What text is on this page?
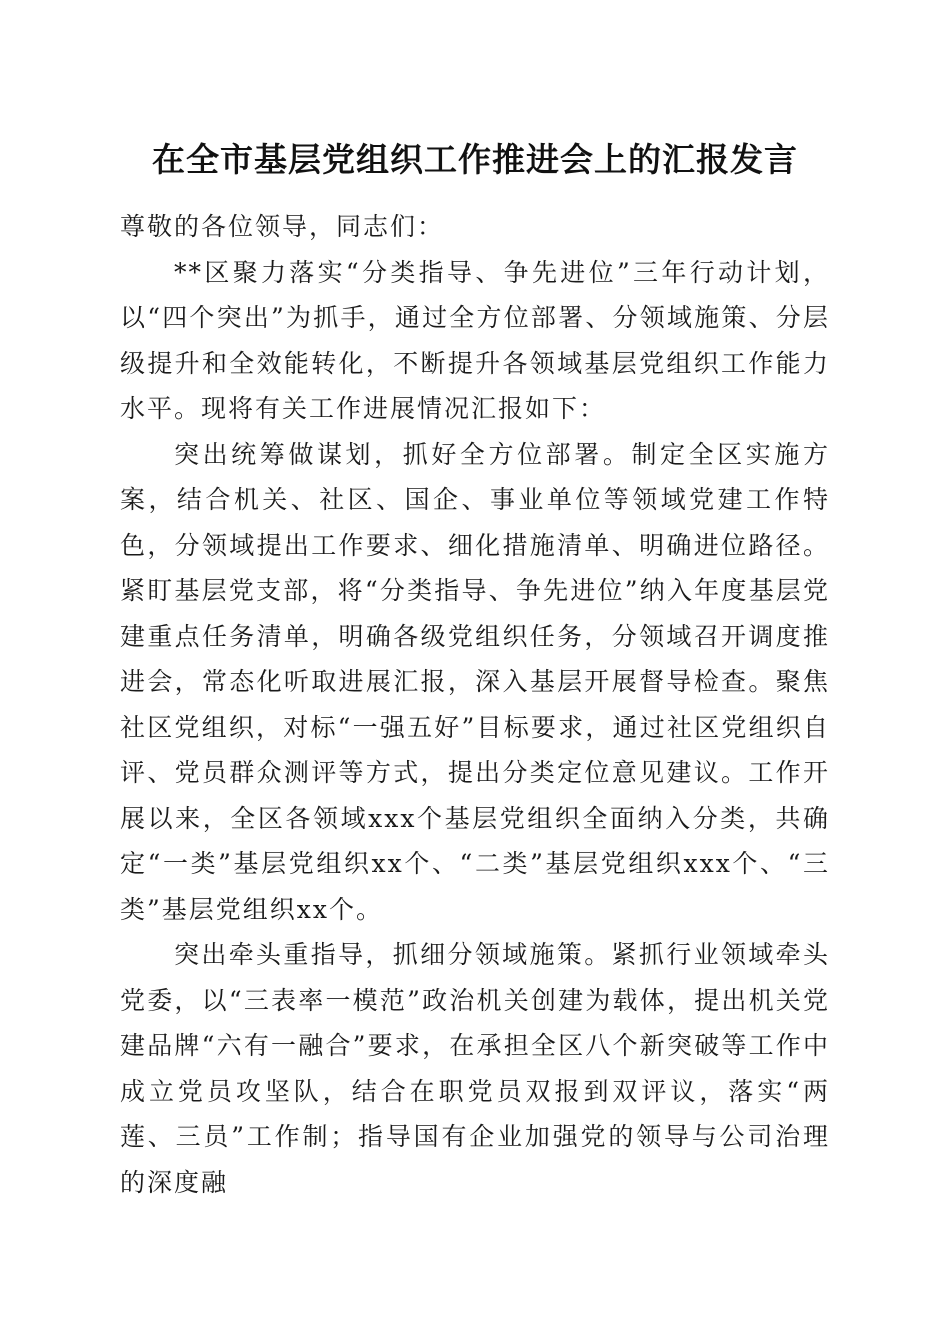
在全市基层党组织工作推进会上的汇报发言

尊敬的各位领导，同志们：

**区聚力落实“分类指导、争先进位”三年行动计划，以“四个突出”为抓手，通过全方位部署、分领域施策、分层级提升和全效能转化，不断提升各领域基层党组织工作能力水平。现将有关工作进展情况汇报如下：

突出统筹做谋划，抓好全方位部署。制定全区实施方案，结合机关、社区、国企、事业单位等领域党建工作特色，分领域提出工作要求、细化措施清单、明确进位路径。紧盯基层党支部，将“分类指导、争先进位”纳入年度基层党建重点任务清单，明确各级党组织任务，分领域召开调度推进会，常态化听取进展汇报，深入基层开展督导检查。聚焦社区党组织，对标“一强五好”目标要求，通过社区党组织自评、党员群众测评等方式，提出分类定位意见建议。工作开展以来，全区各领域xxx个基层党组织全面纳入分类，共确定“一类”基层党组织xx个、“二类”基层党组织xxx个、“三类”基层党组织xx个。

突出牵头重指导，抓细分领域施策。紧抓行业领域牵头党委，以“三表率一模范”政治机关创建为载体，提出机关党建品牌“六有一融合”要求，在承担全区八个新突破等工作中成立党员攻坚队，结合在职党员双报到双评议，落实“两莲、三员”工作制；指导国有企业加强党的领导与公司治理的深度融
